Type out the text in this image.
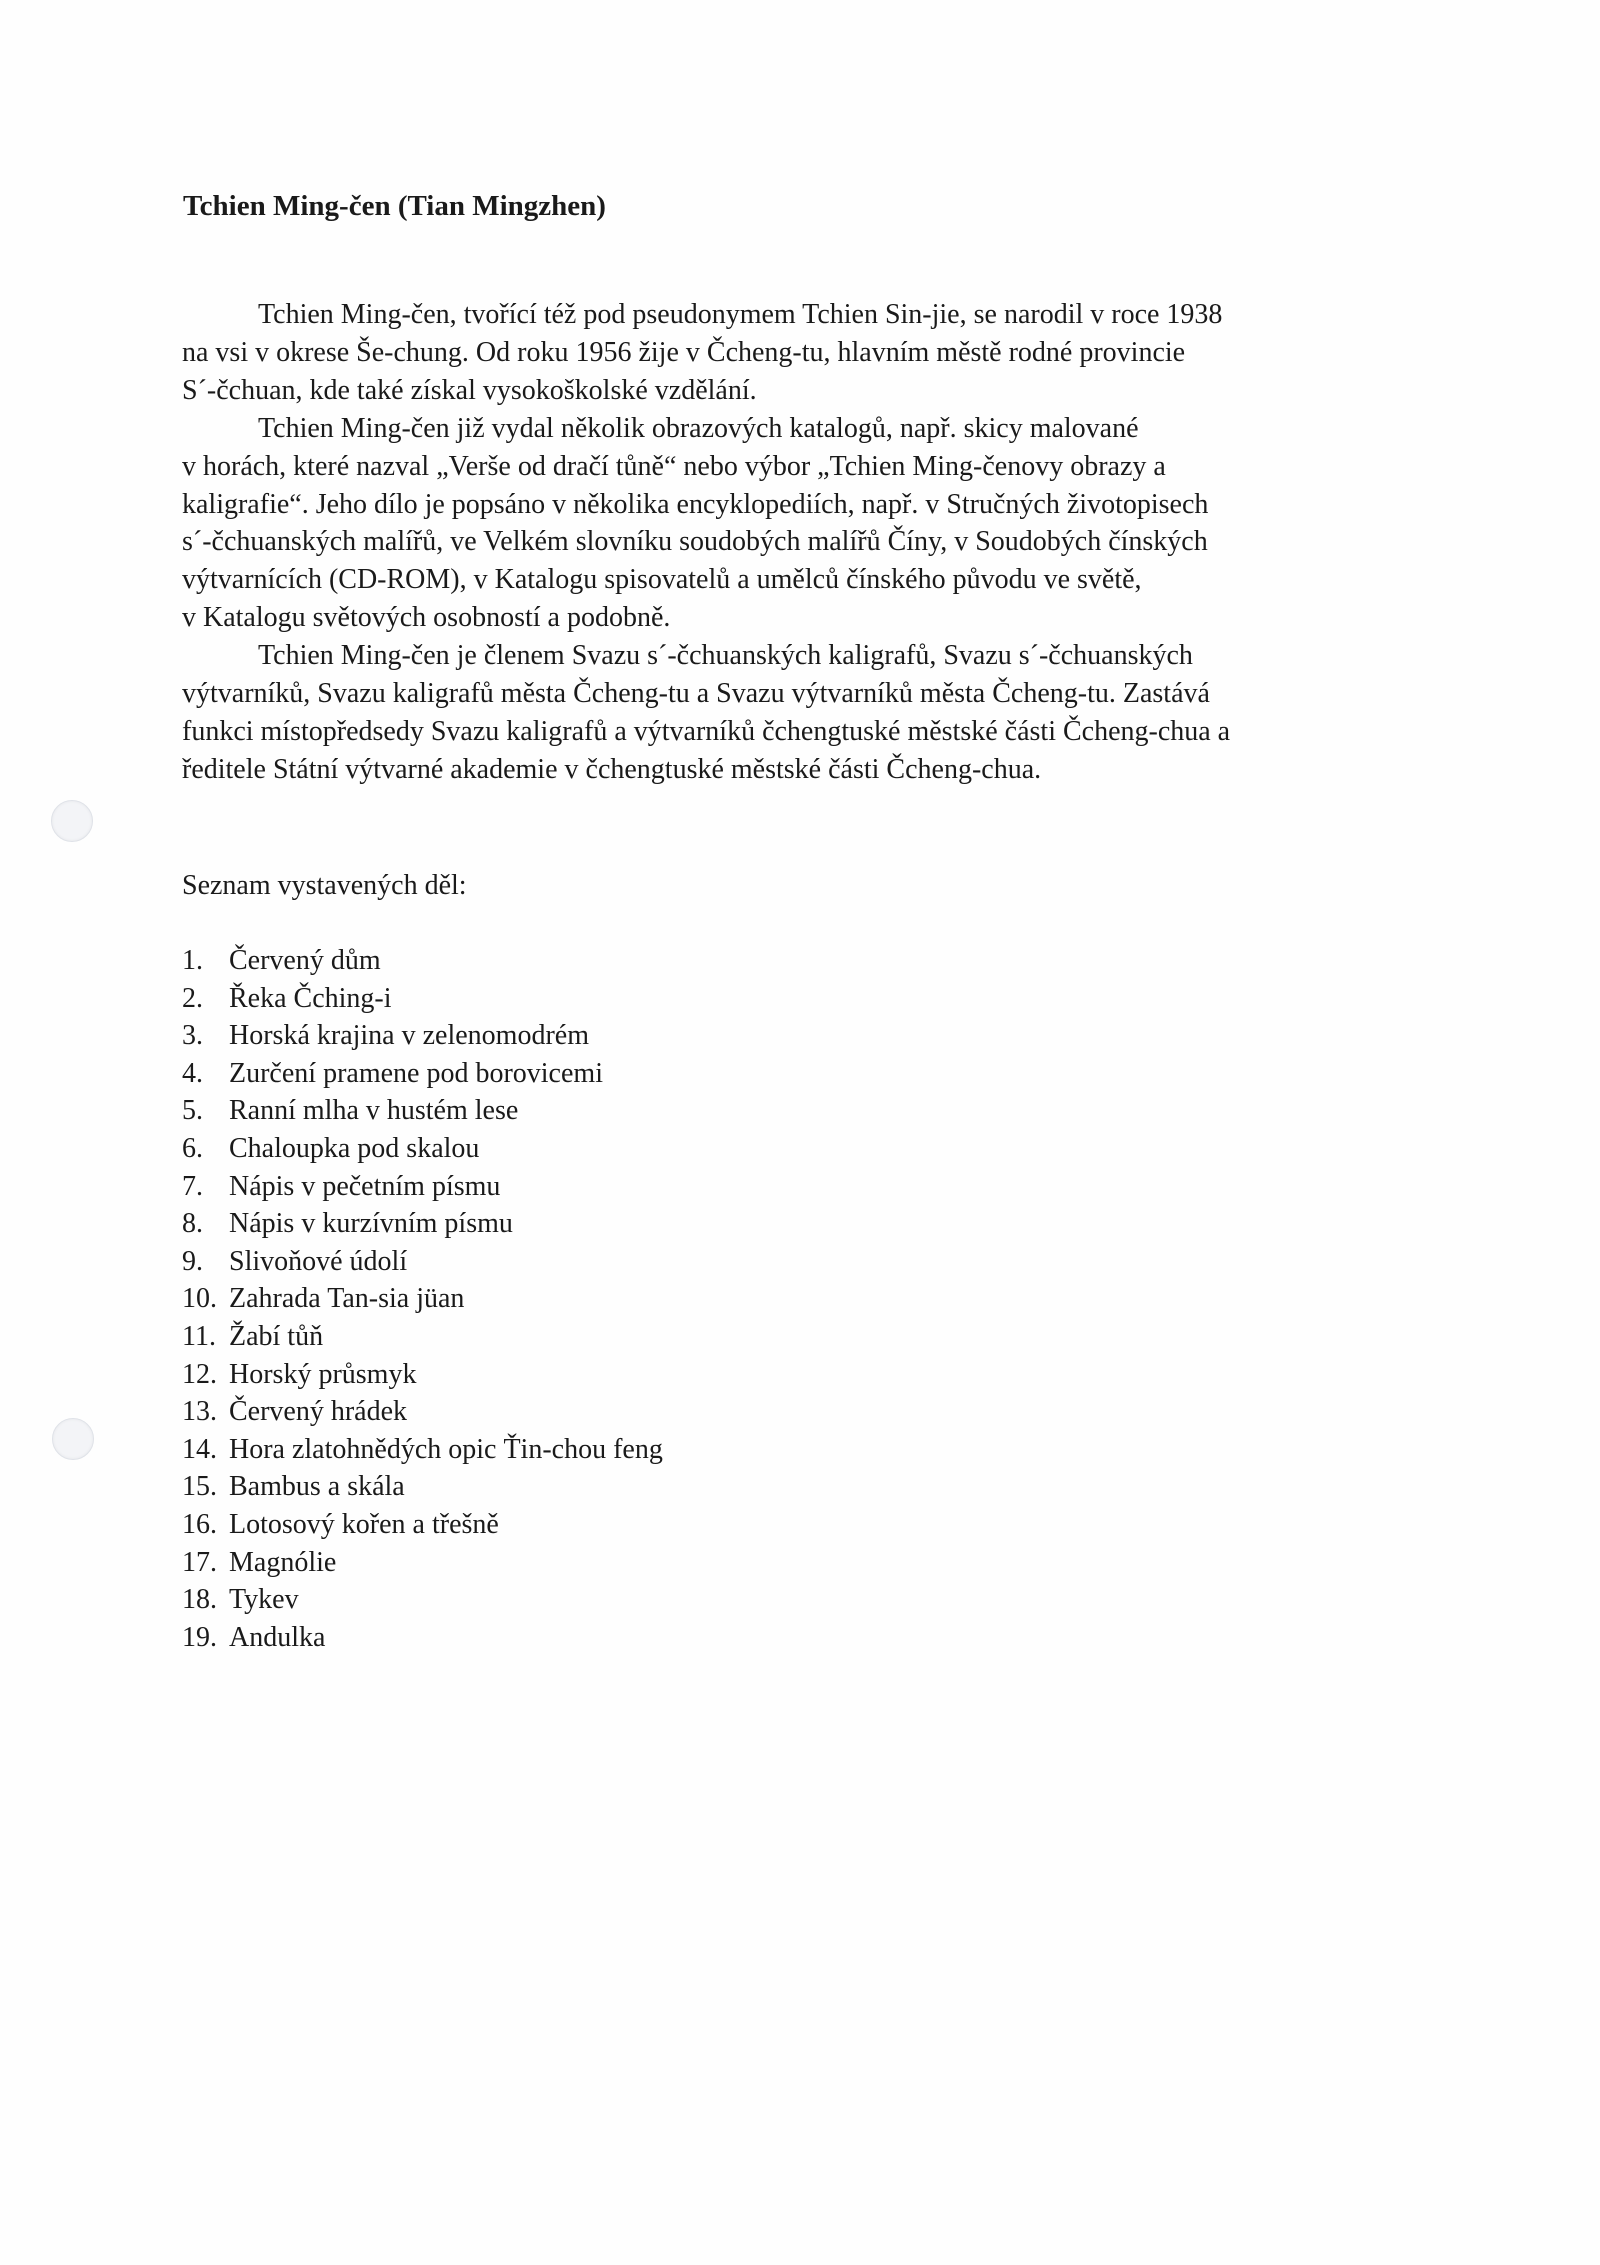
Tchien Ming-čen (Tian Mingzhen)

Tchien Ming-čen, tvořící též pod pseudonymem Tchien Sin-jie, se narodil v roce 1938
na vsi v okrese Še-chung. Od roku 1956 žije v Čcheng-tu, hlavním městě rodné provincie
S´-čchuan, kde také získal vysokoškolské vzdělání.

Tchien Ming-čen již vydal několik obrazových katalogů, např. skicy malované
v horách, které nazval „Verše od dračí tůně“ nebo výbor „Tchien Ming-čenovy obrazy a
kaligrafie“. Jeho dílo je popsáno v několika encyklopediích, např. v Stručných životopisech
s´-čchuanských malířů, ve Velkém slovníku soudobých malířů Číny, v Soudobých čínských
výtvarnících (CD-ROM), v Katalogu spisovatelů a umělců čínského původu ve světě,
v Katalogu světových osobností a podobně.

Tchien Ming-čen je členem Svazu s´-čchuanských kaligrafů, Svazu s´-čchuanských
výtvarníků, Svazu kaligrafů města Čcheng-tu a Svazu výtvarníků města Čcheng-tu. Zastává
funkci místopředsedy Svazu kaligrafů a výtvarníků čchengtuské městské části Čcheng-chua a
ředitele Státní výtvarné akademie v čchengtuské městské části Čcheng-chua.

Seznam vystavených děl:

1. Červený dům
2. Řeka Čching-i
3. Horská krajina v zelenomodrém
4. Zurčení pramene pod borovicemi
5. Ranní mlha v hustém lese
6. Chaloupka pod skalou
7. Nápis v pečetním písmu
8. Nápis v kurzívním písmu
9. Slivoňové údolí
10. Zahrada Tan-sia jüan
11. Žabí tůň
12. Horský průsmyk
13. Červený hrádek
14. Hora zlatohnědých opic Ťin-chou feng
15. Bambus a skála
16. Lotosový kořen a třešně
17. Magnólie
18. Tykev
19. Andulka
